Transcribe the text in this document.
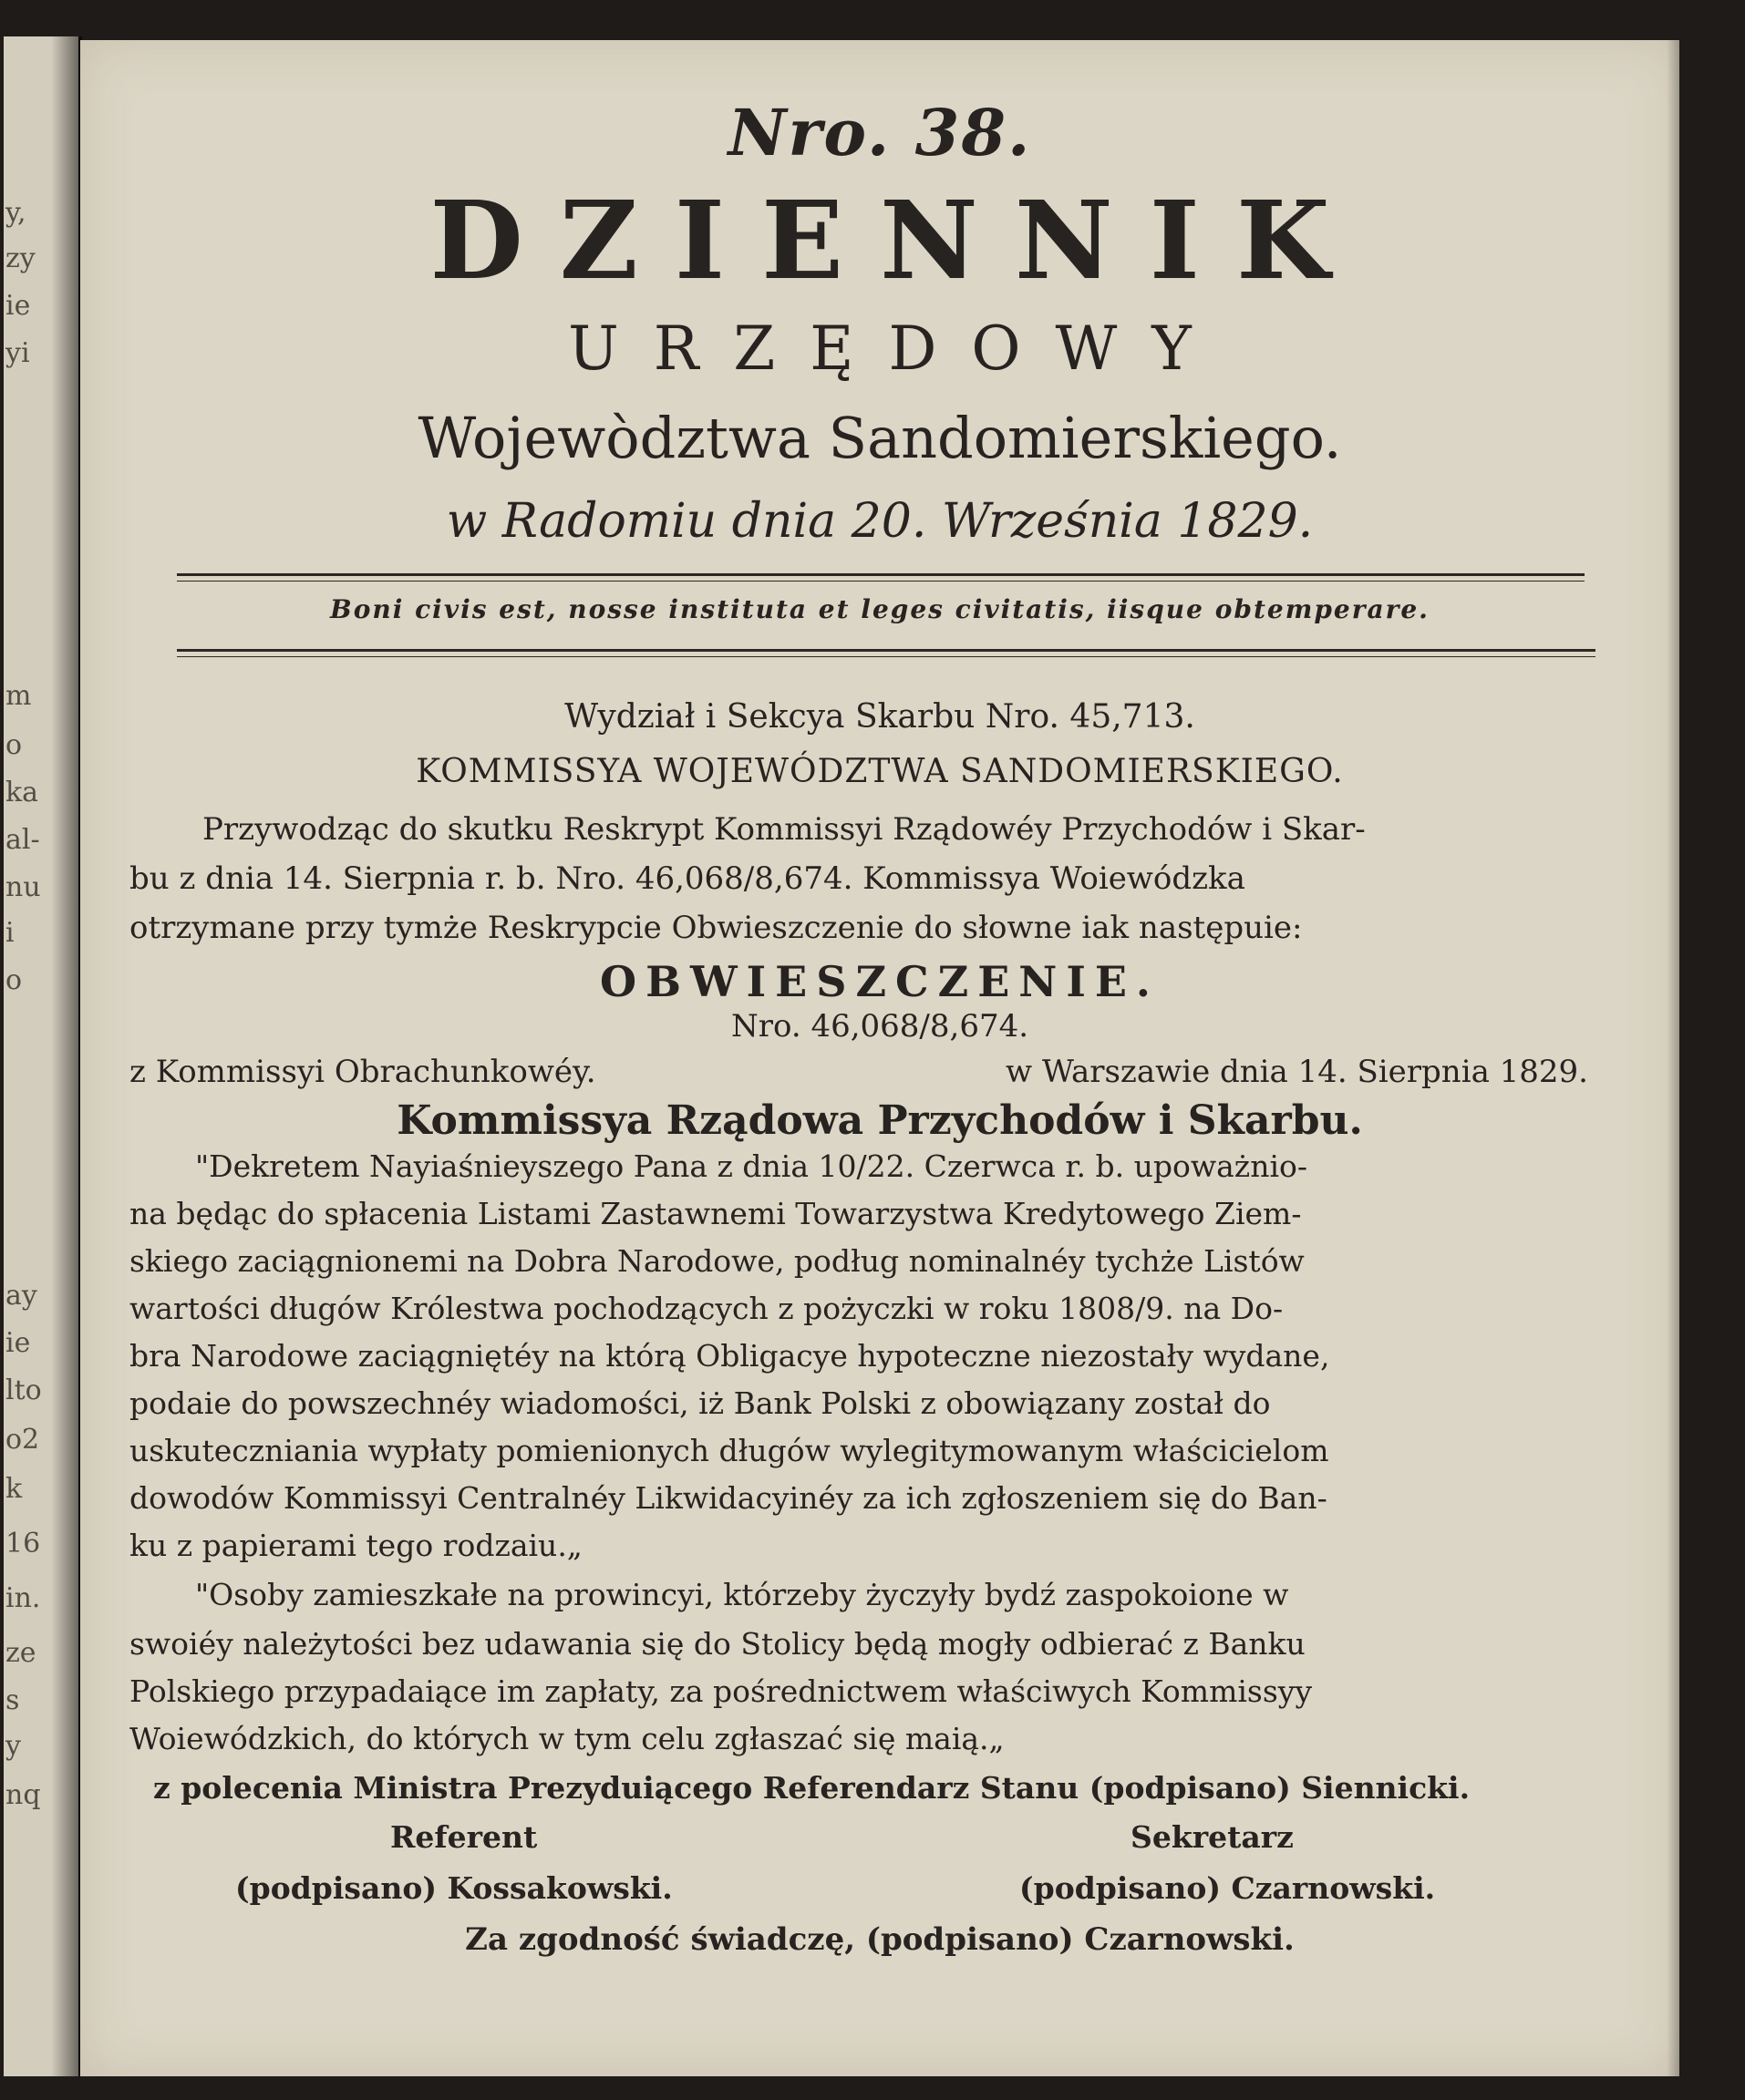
y,
zy
ie
yi
m
o
ka
al-
nu
i
o
ay
ie
lto
o2
k
16
in.
ze
s
y
nq
Nro. 38.
DZIENNIK
URZĘDOWY
Wojewòdztwa Sandomierskiego.
w Radomiu dnia 20. Września 1829.
Boni civis est, nosse instituta et leges civitatis, iisque obtemperare.
Wydział i Sekcya Skarbu Nro. 45,713.
KOMMISSYA WOJEWÓDZTWA SANDOMIERSKIEGO.
Przywodząc do skutku Reskrypt Kommissyi Rządowéy Przychodów i Skar-
bu z dnia 14. Sierpnia r. b. Nro. 46,068/8,674. Kommissya Woiewódzka
otrzymane przy tymże Reskrypcie Obwieszczenie do słowne iak następuie:
OBWIESZCZENIE.
Nro. 46,068/8,674.
z Kommissyi Obrachunkowéy.	w Warszawie dnia 14. Sierpnia 1829.
Kommissya Rządowa Przychodów i Skarbu.
"Dekretem Nayiaśnieyszego Pana z dnia 10/22. Czerwca r. b. upoważnio-
na będąc do spłacenia Listami Zastawnemi Towarzystwa Kredytowego Ziem-
skiego zaciągnionemi na Dobra Narodowe, podług nominalnéy tychże Listów
wartości długów Królestwa pochodzących z pożyczki w roku 1808/9. na Do-
bra Narodowe zaciągniętéy na którą Obligacye hypoteczne niezostały wydane,
podaie do powszechnéy wiadomości, iż Bank Polski z obowiązany został do
uskuteczniania wypłaty pomienionych długów wylegitymowanym właścicielom
dowodów Kommissyi Centralnéy Likwidacyinéy za ich zgłoszeniem się do Ban-
ku z papierami tego rodzaiu.„
"Osoby zamieszkałe na prowincyi, którzeby życzyły bydź zaspokoione w
swoiéy należytości bez udawania się do Stolicy będą mogły odbierać z Banku
Polskiego przypadaiące im zapłaty, za pośrednictwem właściwych Kommissyy
Woiewódzkich, do których w tym celu zgłaszać się maią.„
z polecenia Ministra Prezyduiącego Referendarz Stanu (podpisano) Siennicki.
Referent	Sekretarz
(podpisano) Kossakowski.	(podpisano) Czarnowski.
Za zgodność świadczę, (podpisano) Czarnowski.
